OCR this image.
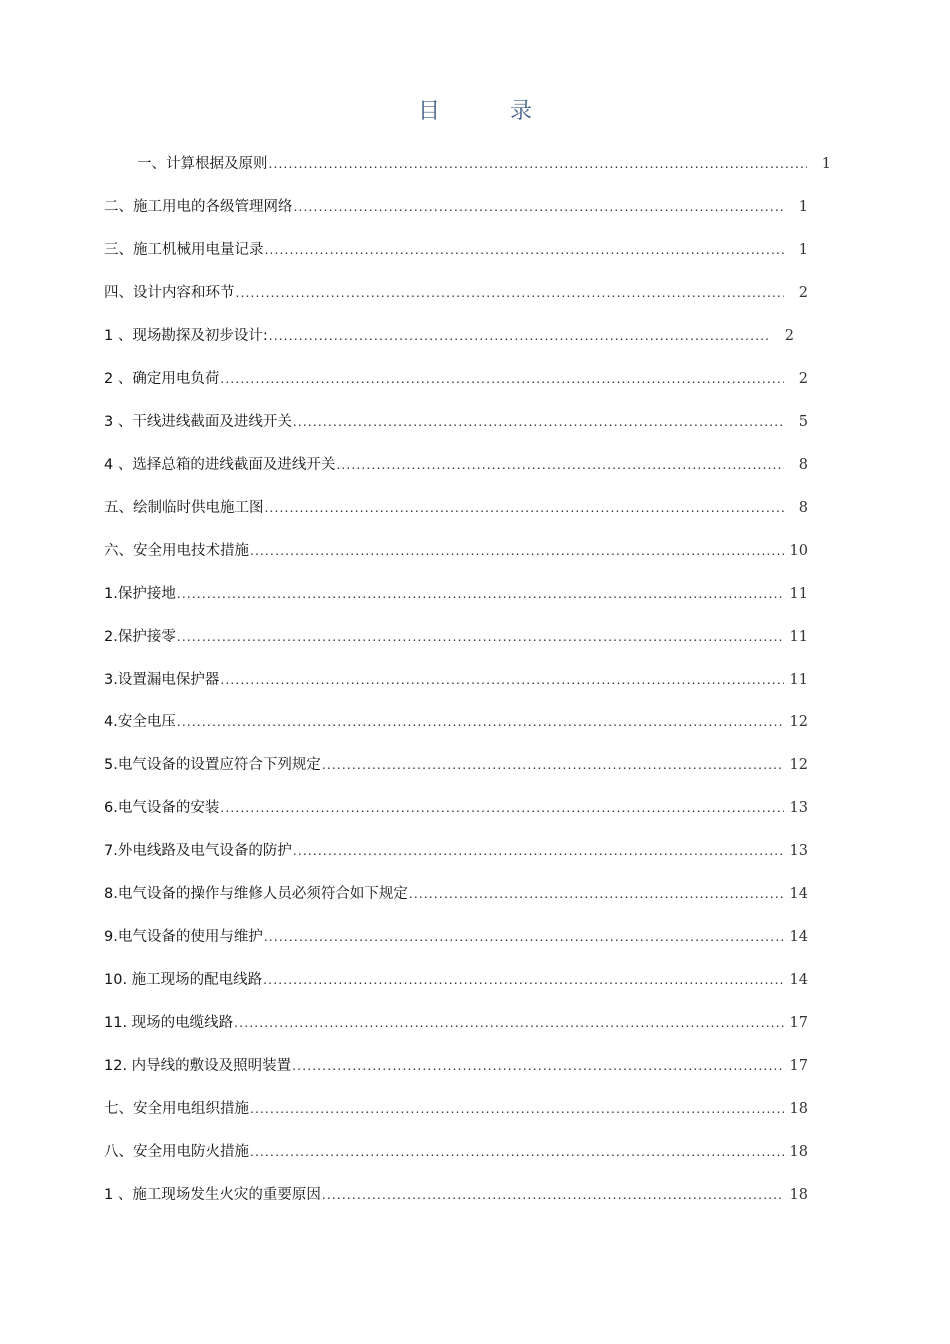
目	录
一、计算根据及原则 .....	1
二、施工用电的各级管理网络 .....	1
三、施工机械用电量记录 .....	1
四、设计内容和环节 .....	2
1 、现场勘探及初步设计: .....	2
2 、确定用电负荷 .....	2
3 、干线进线截面及进线开关 .....	5
4 、选择总箱的进线截面及进线开关 .....	8
五、绘制临时供电施工图 .....	8
六、安全用电技术措施 .....	10
1.保护接地 .....	11
2.保护接零 .....	11
3.设置漏电保护器 .....	11
4.安全电压 .....	12
5.电气设备的设置应符合下列规定 .....	12
6.电气设备的安装 .....	13
7.外电线路及电气设备的防护 .....	13
8.电气设备的操作与维修人员必须符合如下规定 .....	14
9.电气设备的使用与维护 .....	14
10. 施工现场的配电线路 .....	14
11. 现场的电缆线路 .....	17
12. 内导线的敷设及照明装置 .....	17
七、安全用电组织措施 .....	18
八、安全用电防火措施 .....	18
1 、施工现场发生火灾的重要原因 .....	18
